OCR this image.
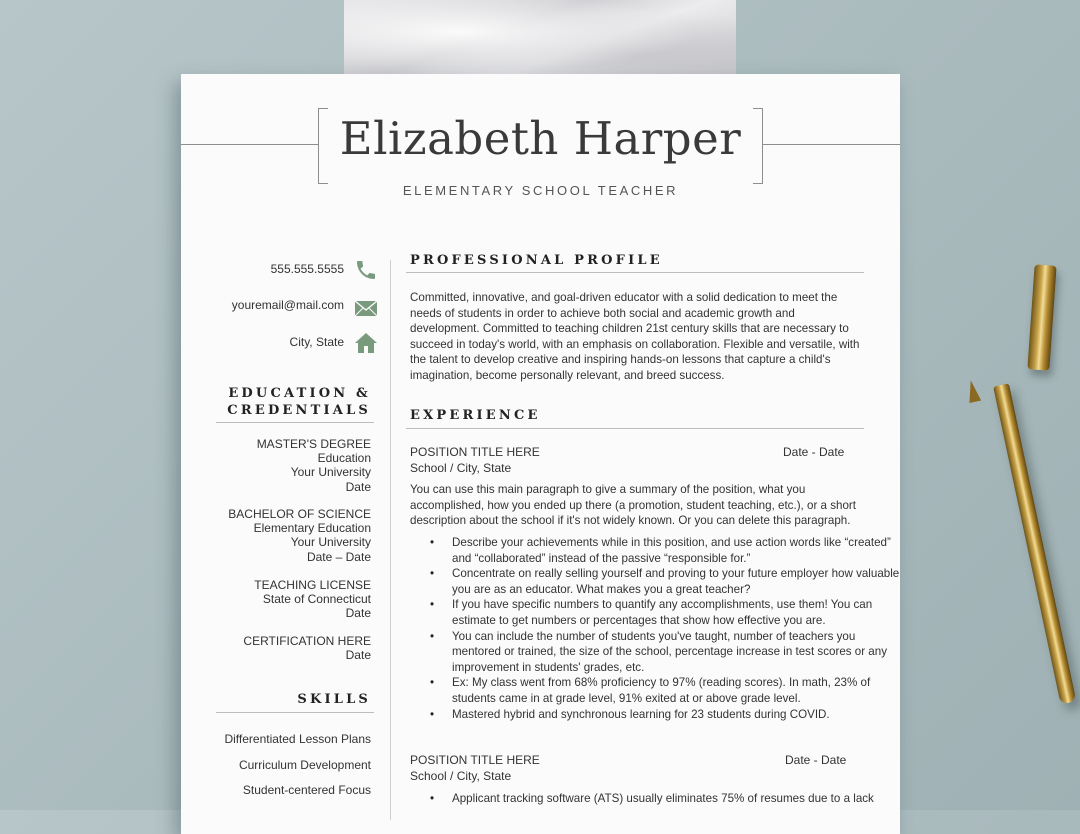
Elizabeth Harper
ELEMENTARY SCHOOL TEACHER
555.555.5555
youremail@mail.com
City, State
EDUCATION &
CREDENTIALS
MASTER'S DEGREE
Education
Your University
Date
BACHELOR OF SCIENCE
Elementary Education
Your University
Date – Date
TEACHING LICENSE
State of Connecticut
Date
CERTIFICATION HERE
Date
SKILLS
Differentiated Lesson Plans
Curriculum Development
Student-centered Focus
PROFESSIONAL PROFILE
Committed, innovative, and goal-driven educator with a solid dedication to meet the needs of students in order to achieve both social and academic growth and development. Committed to teaching children 21st century skills that are necessary to succeed in today's world, with an emphasis on collaboration. Flexible and versatile, with the talent to develop creative and inspiring hands-on lessons that capture a child's imagination, become personally relevant, and breed success.
EXPERIENCE
POSITION TITLE HERE	Date - Date
School / City, State
You can use this main paragraph to give a summary of the position, what you accomplished, how you ended up there (a promotion, student teaching, etc.), or a short description about the school if it's not widely known. Or you can delete this paragraph.
• Describe your achievements while in this position, and use action words like “created” and “collaborated” instead of the passive “responsible for.”
• Concentrate on really selling yourself and proving to your future employer how valuable you are as an educator. What makes you a great teacher?
• If you have specific numbers to quantify any accomplishments, use them! You can estimate to get numbers or percentages that show how effective you are.
• You can include the number of students you've taught, number of teachers you mentored or trained, the size of the school, percentage increase in test scores or any improvement in students' grades, etc.
• Ex: My class went from 68% proficiency to 97% (reading scores). In math, 23% of students came in at grade level, 91% exited at or above grade level.
• Mastered hybrid and synchronous learning for 23 students during COVID.
POSITION TITLE HERE	Date - Date
School / City, State
• Applicant tracking software (ATS) usually eliminates 75% of resumes due to a lack
